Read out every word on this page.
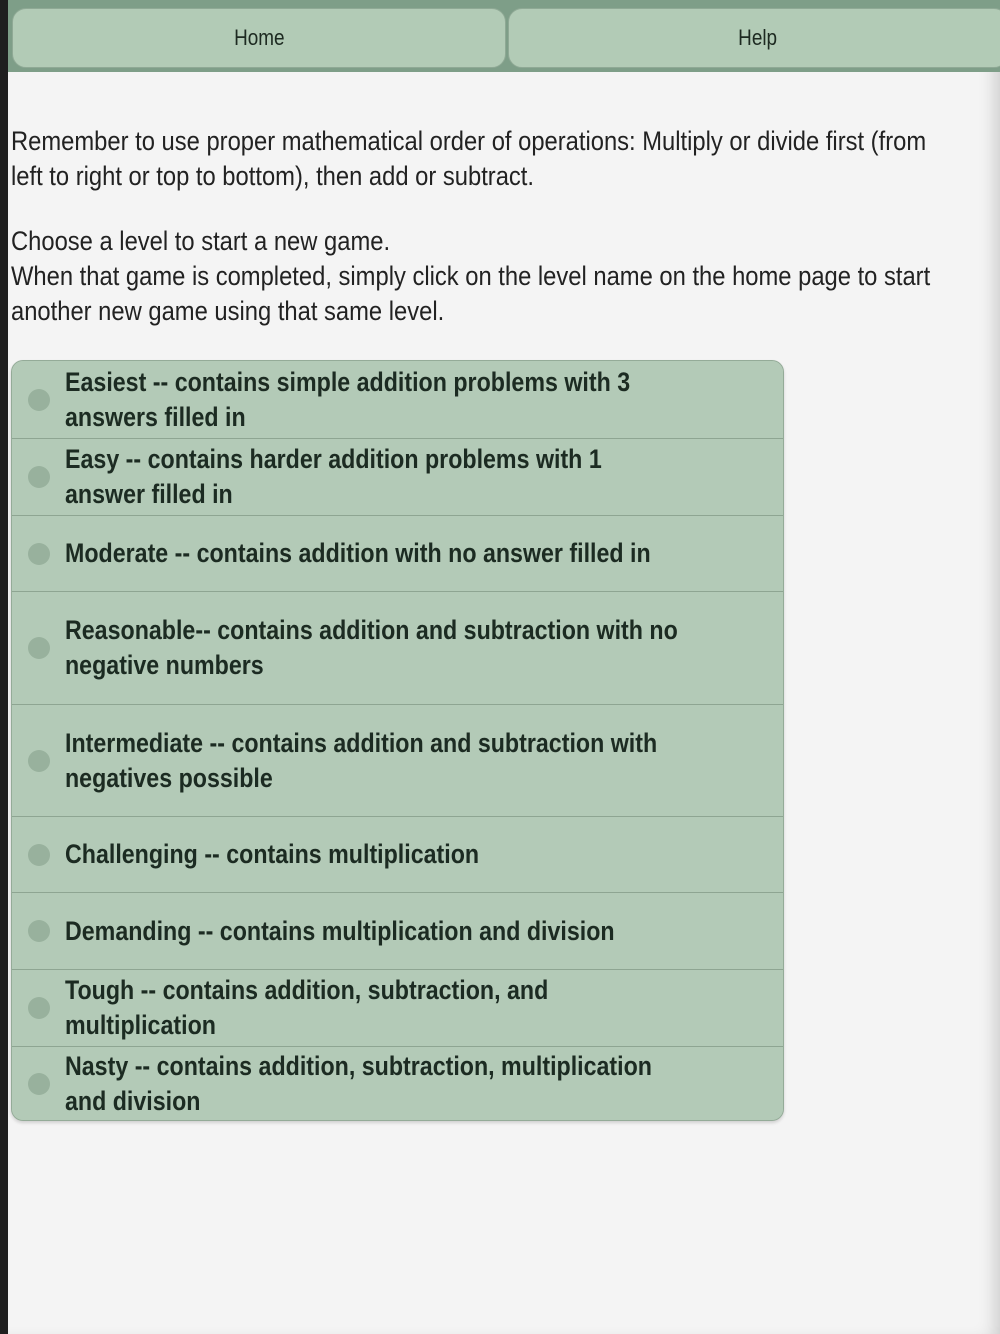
Home	Help

Remember to use proper mathematical order of operations: Multiply or divide first (from left to right or top to bottom), then add or subtract.

Choose a level to start a new game.

When that game is completed, simply click on the level name on the home page to start another new game using that same level.

Easiest -- contains simple addition problems with 3 answers filled in
Easy -- contains harder addition problems with 1 answer filled in
Moderate -- contains addition with no answer filled in
Reasonable-- contains addition and subtraction with no negative numbers
Intermediate -- contains addition and subtraction with negatives possible
Challenging -- contains multiplication
Demanding -- contains multiplication and division
Tough -- contains addition, subtraction, and multiplication
Nasty -- contains addition, subtraction, multiplication and division
